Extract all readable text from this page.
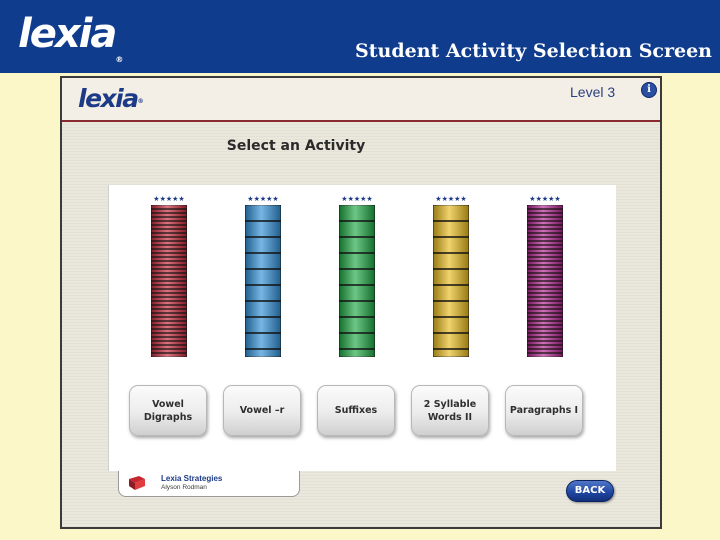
lexia®	Student Activity Selection Screen
lexia®
Level 3	i
Select an Activity
★★★★★	★★★★★	★★★★★	★★★★★	★★★★★
Vowel
Digraphs
Vowel –r	Suffixes
2 Syllable
Words II
Paragraphs I
Lexia Strategies
Alyson Rodman	BACK
